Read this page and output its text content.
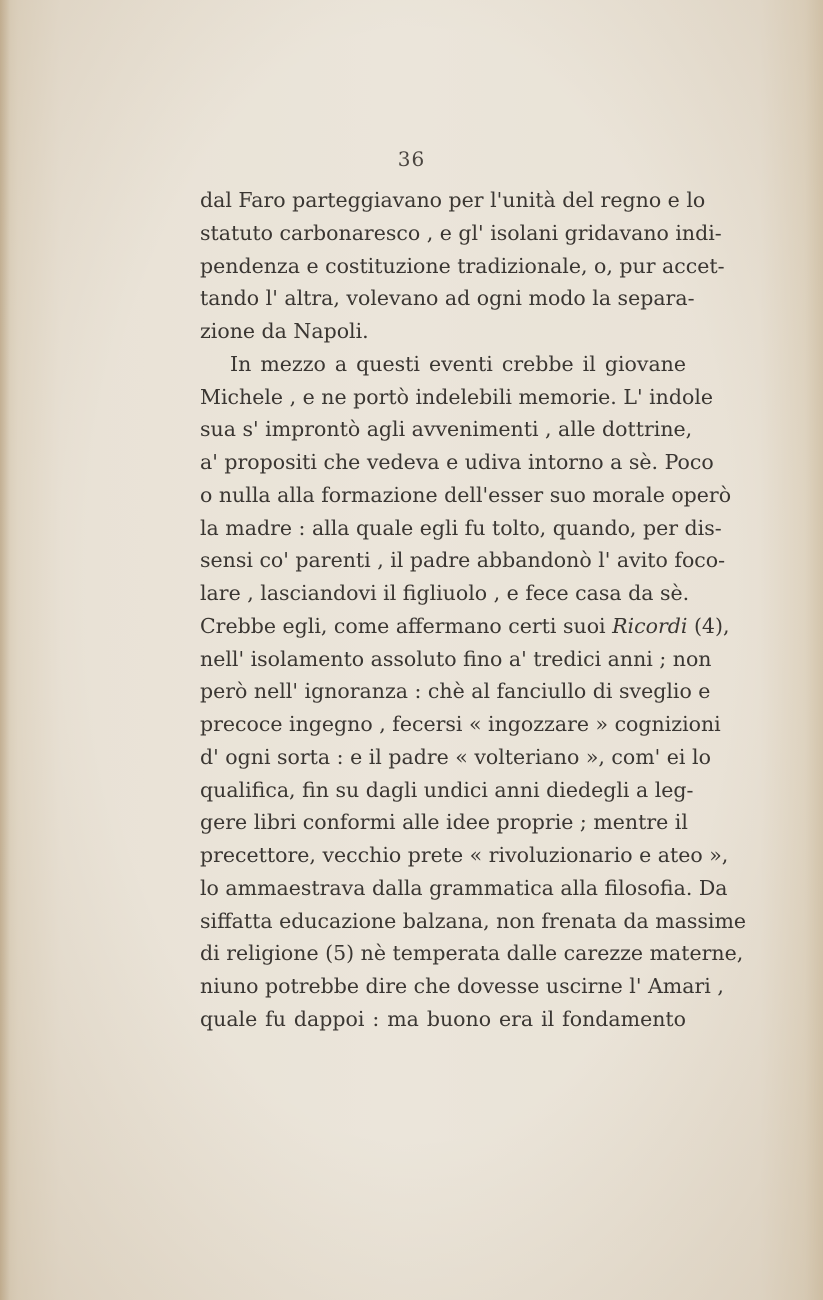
36
dal Faro parteggiavano per l'unità del regno e lo
statuto carbonaresco , e gl' isolani gridavano indi-
pendenza e costituzione tradizionale, o, pur accet-
tando l' altra, volevano ad ogni modo la separa-
zione da Napoli.
In mezzo a questi eventi crebbe il giovane
Michele , e ne portò indelebili memorie. L' indole
sua s' improntò agli avvenimenti , alle dottrine,
a' propositi che vedeva e udiva intorno a sè. Poco
o nulla alla formazione dell'esser suo morale operò
la madre : alla quale egli fu tolto, quando, per dis-
sensi co' parenti , il padre abbandonò l' avito foco-
lare , lasciandovi il figliuolo , e fece casa da sè.
Crebbe egli, come affermano certi suoi Ricordi (4),
nell' isolamento assoluto fino a' tredici anni ; non
però nell' ignoranza : chè al fanciullo di sveglio e
precoce ingegno , fecersi « ingozzare » cognizioni
d' ogni sorta : e il padre « volteriano », com' ei lo
qualifica, fin su dagli undici anni diedegli a leg-
gere libri conformi alle idee proprie ; mentre il
precettore, vecchio prete « rivoluzionario e ateo »,
lo ammaestrava dalla grammatica alla filosofia. Da
siffatta educazione balzana, non frenata da massime
di religione (5) nè temperata dalle carezze materne,
niuno potrebbe dire che dovesse uscirne l' Amari ,
quale fu dappoi : ma buono era il fondamento
